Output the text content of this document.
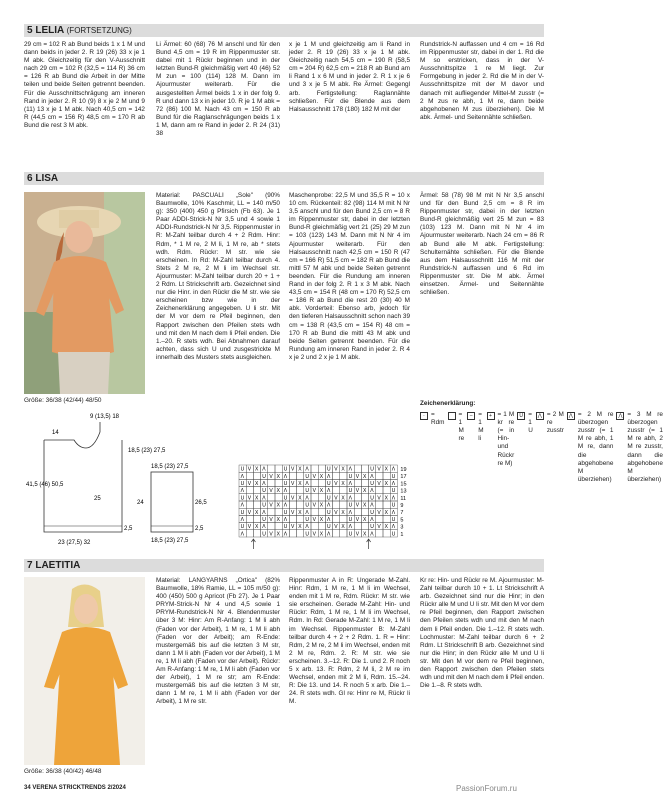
5 LELIA (FORTSETZUNG)
29 cm = 102 R ab Bund beids 1 x 1 M und dann beids in jeder 2. R 19 (26) 33 x je 1 M abk. Gleichzeitig für den V-Ausschnitt nach 29 cm = 102 R (32,5 = 114 R) 36 cm = 126 R ab Bund die Arbeit in der Mitte teilen und beide Seiten getrennt beenden. Für die Ausschnittschrägung am inneren Rand in jeder 2. R 10 (9) 8 x je 2 M und 9 (11) 13 x je 1 M abk. Nach 40,5 cm = 142 R (44,5 cm = 156 R) 48,5 cm = 170 R ab Bund die rest 3 M abk.
Li Ärmel: 60 (68) 76 M anschl und für den Bund 4,5 cm = 19 R im Rippenmuster str. dabei mit 1 Rückr beginnen und in der letzten Bund-R gleichmäßig vert 40 (46) 52 M zun = 100 (114) 128 M. Dann im Ajourmuster weiterarb. Für die ausgestellten Ärmel beids 1 x in der folg 9. R und dann 13 x in jeder 10. R je 1 M abk = 72 (86) 100 M. Nach 43 cm = 150 R ab Bund für die Raglanschrägungen beids 1 x 1 M, dann am re Rand in jeder 2. R 24 (31) 38
x je 1 M und gleichzeitig am li Rand in jeder 2. R 19 (26) 33 x je 1 M abk. Gleichzeitig nach 54,5 cm = 190 R (58,5 cm = 204 R) 62,5 cm = 218 R ab Bund am li Rand 1 x 6 M und in jeder 2. R 1 x je 6 und 3 x je 5 M abk. Re Ärmel: Gegengl arb. Fertigstellung: Raglannähte schließen. Für die Blende aus dem Halsausschnitt 178 (180) 182 M mit der
Rundstrick-N auffassen und 4 cm = 16 Rd im Rippenmuster str, dabei in der 1. Rd die M so erstricken, dass in der V-Ausschnittspitze 1 re M liegt. Zur Formgebung in jeder 2. Rd die M in der V-Ausschnittspitze mit der M davor und danach mit aufliegender Mittel-M zusstr (= 2 M zus re abh, 1 M re, dann beide abgehobenen M zus überziehen). Die M abk. Ärmel- und Seitennähte schließen.
6 LISA
Größe: 36/38 (42/44) 48/50
Material: PASCUALI „Sole" (90% Baumwolle, 10% Kaschmir, LL = 140 m/50 g): 350 (400) 450 g Pfirsich (Fb 63). Je 1 Paar ADDI-Strick-N Nr 3,5 und 4 sowie 1 ADDI-Rundstrick-N Nr 3,5. Rippenmuster in R: M-Zahl teilbar durch 4 + 2 Rdm. Hinr: Rdm, * 1 M re, 2 M li, 1 M re, ab * stets wdh. Rdm. Rückr: M str. wie sie erscheinen. In Rd: M-Zahl teilbar durch 4. Stets 2 M re, 2 M li im Wechsel str. Ajourmuster: M-Zahl teilbar durch 20 + 1 + 2 Rdm. Lt Strickschrift arb. Gezeichnet sind nur die Hinr. in den Rückr die M str. wie sie erscheinen bzw wie in der Zeichenerklärung angegeben. U li str. Mit der M vor dem re Pfeil beginnen, den Rapport zwischen den Pfeilen stets wdh und mit den M nach dem li Pfeil enden. Die 1.–20. R stets wdh. Bei Abnahmen darauf achten, dass sich U und zusgestrickte M innerhalb des Musters stets ausgleichen.
Maschenprobe: 22,5 M und 35,5 R = 10 x 10 cm. Rückenteil: 82 (98) 114 M mit N Nr 3,5 anschl und für den Bund 2,5 cm = 8 R im Rippenmuster str, dabei in der letzten Bund-R gleichmäßig vert 21 (25) 29 M zun = 103 (123) 143 M. Dann mit N Nr 4 im Ajourmuster weiterarb. Für den Halsausschnitt nach 42,5 cm = 150 R (47 cm = 166 R) 51,5 cm = 182 R ab Bund die mittl 57 M abk und beide Seiten getrennt beenden. Für die Rundung am inneren Rand in der folg 2. R 1 x 3 M abk. Nach 43,5 cm = 154 R (48 cm = 170 R) 52,5 cm = 186 R ab Bund die rest 20 (30) 40 M abk. Vorderteil: Ebenso arb, jedoch für den tieferen Halsausschnitt schon nach 39 cm = 138 R (43,5 cm = 154 R) 48 cm = 170 R ab Bund die mittl 43 M abk und beide Seiten getrennt beenden. Für die Rundung am inneren Rand in jeder 2. R 4 x je 2 und 2 x je 1 M abk.
Ärmel: 58 (78) 98 M mit N Nr 3,5 anschl und für den Bund 2,5 cm = 8 R im Rippenmuster str, dabei in der letzten Bund-R gleichmäßig vert 25 M zun = 83 (103) 123 M. Dann mit N Nr 4 im Ajourmuster weiterarb. Nach 24 cm = 86 R ab Bund alle M abk. Fertigstellung: Schulternähte schließen. Für die Blende aus dem Halsausschnitt 116 M mit der Rundstrick-N auffassen und 6 Rd im Rippenmuster str. Die M abk. Ärmel einsetzen. Ärmel- und Seitennähte schließen.
Zeichenerklärung:
· = Rdm
= 1 M re
– = 1 M li
+ = 1 M kr re (= in Hin- und Rückr re M)
U = 1 U
⋀ = 2 M re zusstr
⋀ = 2 M re überzogen zusstr (= 1 M re abh, 1 M re, dann die abgehobene M überziehen)
⋀ = 3 M re überzogen zusstr (= 1 M re abh, 2 M re zusstr, dann die abgehobene M überziehen)
14
9 (13,5) 18
18,5 (23) 27,5
41,5 (46) 50,5
25
2,5
23 (27,5) 32
18,5 (23) 27,5
24	26,5
2,5
18,5 (23) 27,5
U V X Λ	U V X Λ	U V X Λ	U V X Λ
Λ	U V X Λ	U V X Λ	U V X Λ	U
U V X Λ	U V X Λ	U V X Λ	U V X Λ
Λ	U V X Λ	U V X Λ	U V X Λ	U
U V X Λ	U V X Λ	U V X Λ	U V X Λ
Λ	U V X Λ	U V X Λ	U V X Λ	U
U V X Λ	U V X Λ	U V X Λ	U V X Λ
Λ	U V X Λ	U V X Λ	U V X Λ	U
U V X Λ	U V X Λ	U V X Λ	U V X Λ
Λ	U V X Λ	U V X Λ	U V X Λ	U
19
17
15
13
11
9
7
5
3
1
7 LAETITIA
Größe: 36/38 (40/42) 46/48
Material: LANGYARNS „Ortica" (82% Baumwolle, 18% Ramie, LL = 105 m/50 g): 400 (450) 500 g Apricot (Fb 27). Je 1 Paar PRYM-Strick-N Nr 4 und 4,5 sowie 1 PRYM-Rundstrick-N Nr 4. Blendenmuster über 3 M: Hinr: Am R-Anfang: 1 M li abh (Faden vor der Arbeit), 1 M re, 1 M li abh (Faden vor der Arbeit); am R-Ende: mustergemäß bis auf die letzten 3 M str, dann 1 M li abh (Faden vor der Arbeit), 1 M re, 1 M li abh (Faden vor der Arbeit). Rückr: Am R-Anfang: 1 M re, 1 M li abh (Faden vor der Arbeit), 1 M re str; am R-Ende: mustergemäß bis auf die letzten 3 M str, dann 1 M re, 1 M li abh (Faden vor der Arbeit), 1 M re str.
Rippenmuster A in R: Ungerade M-Zahl. Hinr: Rdm, 1 M re, 1 M li im Wechsel, enden mit 1 M re, Rdm. Rückr: M str. wie sie erscheinen. Gerade M-Zahl: Hin- und Rückr: Rdm, 1 M re, 1 M li im Wechsel, Rdm. In Rd: Gerade M-Zahl: 1 M re, 1 M li im Wechsel. Rippenmuster B: M-Zahl teilbar durch 4 + 2 + 2 Rdm. 1. R = Hinr: Rdm, 2 M re, 2 M li im Wechsel, enden mit 2 M re, Rdm. 2. R: M str. wie sie erscheinen. 3.–12. R: Die 1. und 2. R noch 5 x arb. 13. R: Rdm, 2 M li, 2 M re im Wechsel, enden mit 2 M li, Rdm. 15.–24. R: Die 13. und 14. R noch 5 x arb. Die 1.–24. R stets wdh. Gl re: Hinr re M, Rückr li M.
Kr re: Hin- und Rückr re M. Ajourmuster: M-Zahl teilbar durch 10 + 1. Lt Strickschrift A arb. Gezeichnet sind nur die Hinr; in den Rückr alle M und U li str. Mit den M vor dem re Pfeil beginnen, den Rapport zwischen den Pfeilen stets wdh und mit den M nach dem li Pfeil enden. Die 1.–12. R stets wdh. Lochmuster: M-Zahl teilbar durch 6 + 2 Rdm. Lt Strickschrift B arb. Gezeichnet sind nur die Hinr; in den Rückr alle M und U li str. Mit den M vor dem re Pfeil beginnen, den Rapport zwischen den Pfeilen stets wdh und mit den M nach dem li Pfeil enden. Die 1.–8. R stets wdh.
34 VERENA STRICKTRENDS 2/2024	PassionForum.ru
